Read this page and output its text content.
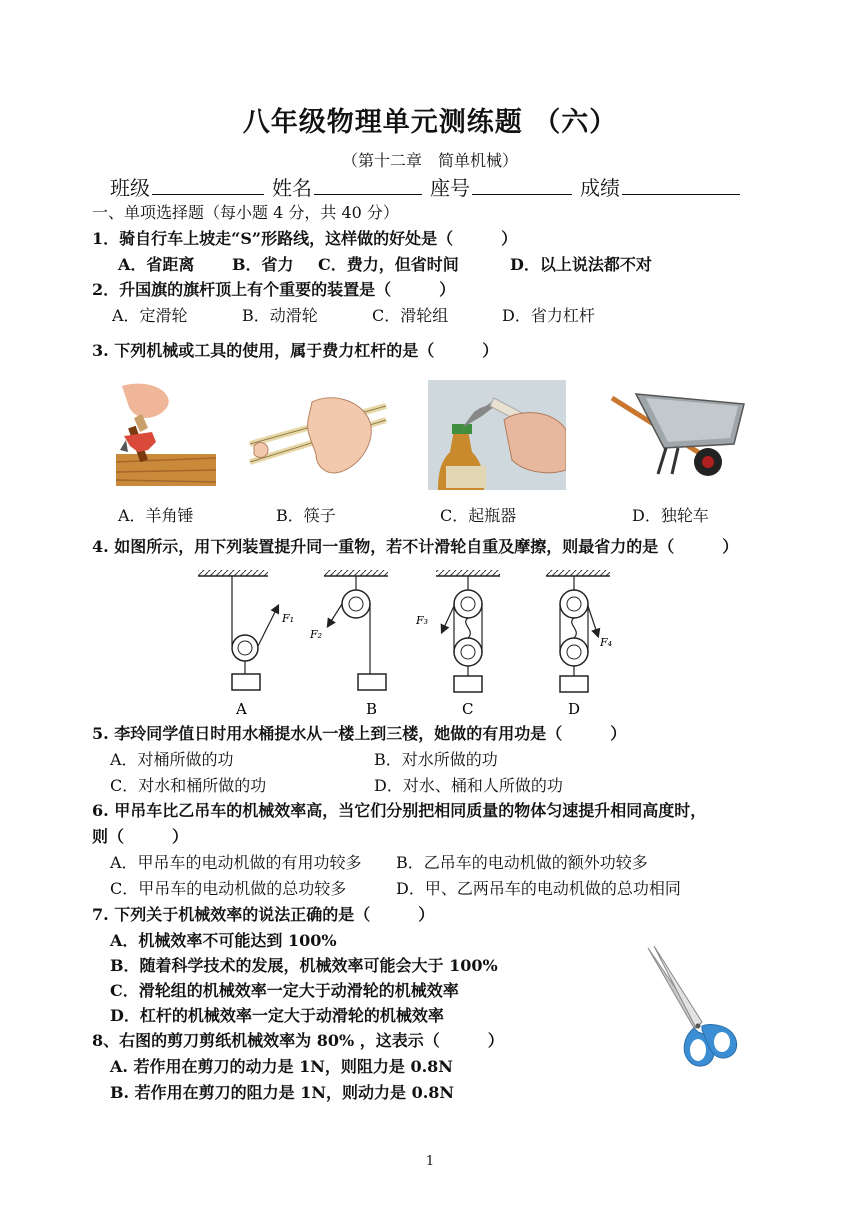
八年级物理单元测练题 （六）
（第十二章　简单机械）
班级	姓名	座号	成绩
一、单项选择题（每小题 4 分，共 40 分）
1．骑自行车上坡走“S”形路线，这样做的好处是（　　　）
A．省距离 B．省力 C．费力，但省时间	D．以上说法都不对
2．升国旗的旗杆顶上有个重要的装置是（　　　）
A．定滑轮	B．动滑轮	C．滑轮组	D．省力杠杆
3. 下列机械或工具的使用，属于费力杠杆的是（　　　）
A．羊角锤	B．筷子	C．起瓶器	D．独轮车
4. 如图所示，用下列装置提升同一重物，若不计滑轮自重及摩擦，则最省力的是（　　　）
F₁
A
F₂
B
F₃
C
F₄
D
5. 李玲同学值日时用水桶提水从一楼上到三楼，她做的有用功是（　　　）
A．对桶所做的功	B．对水所做的功
C．对水和桶所做的功	D．对水、桶和人所做的功
6. 甲吊车比乙吊车的机械效率高，当它们分别把相同质量的物体匀速提升相同高度时，
则（　　　）
A．甲吊车的电动机做的有用功较多 B．乙吊车的电动机做的额外功较多
C．甲吊车的电动机做的总功较多	D．甲、乙两吊车的电动机做的总功相同
7. 下列关于机械效率的说法正确的是（　　　）
A．机械效率不可能达到 100%
B．随着科学技术的发展，机械效率可能会大于 100%
C．滑轮组的机械效率一定大于动滑轮的机械效率
D．杠杆的机械效率一定大于动滑轮的机械效率
8、右图的剪刀剪纸机械效率为 80% ，这表示（　　　）
A. 若作用在剪刀的动力是 1N，则阻力是 0.8N
B. 若作用在剪刀的阻力是 1N，则动力是 0.8N
1
